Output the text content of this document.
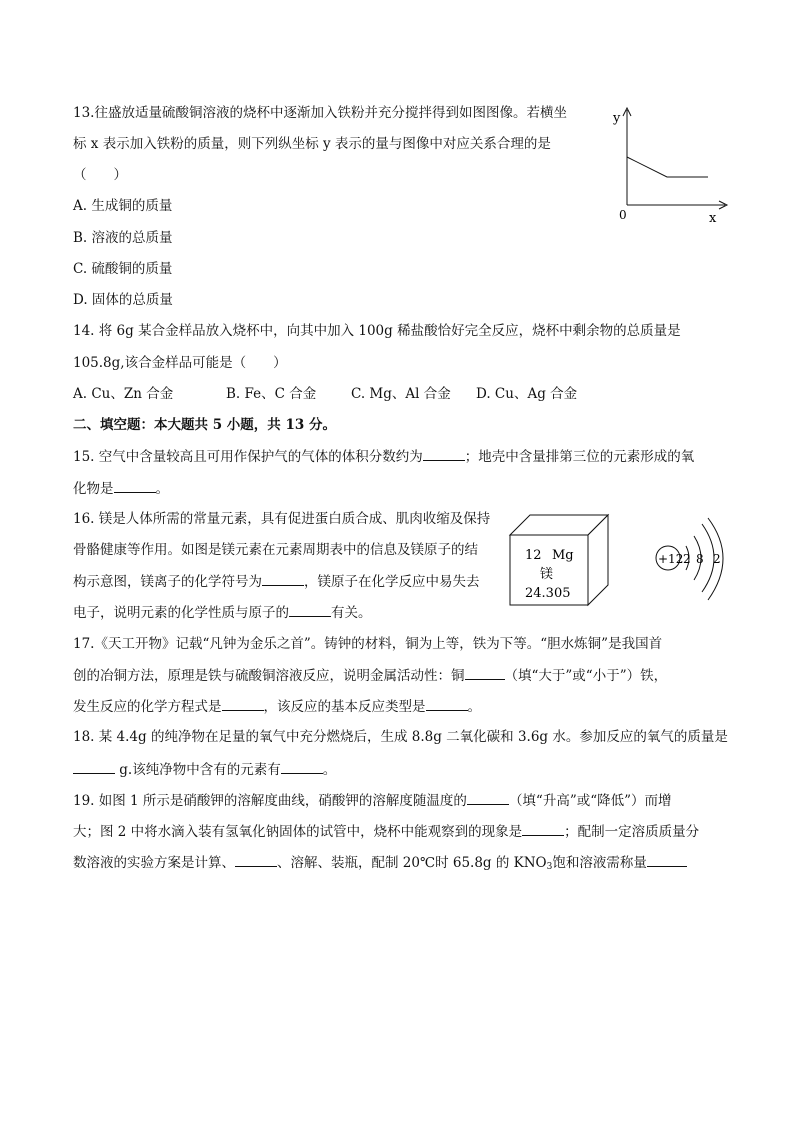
13.往盛放适量硫酸铜溶液的烧杯中逐渐加入铁粉并充分搅拌得到如图图像。若横坐
标 x 表示加入铁粉的质量，则下列纵坐标 y 表示的量与图像中对应关系合理的是
（　　）
A. 生成铜的质量
B. 溶液的总质量
C. 硫酸铜的质量
D. 固体的总质量
y
x
0
14. 将 6g 某合金样品放入烧杯中，向其中加入 100g 稀盐酸恰好完全反应，烧杯中剩余物的总质量是
105.8g,该合金样品可能是（　　）
A. Cu、Zn 合金	B. Fe、C 合金	C. Mg、Al 合金 D. Cu、Ag 合金
二、填空题：本大题共 5 小题，共 13 分。
15. 空气中含量较高且可用作保护气的气体的体积分数约为	；地壳中含量排第三位的元素形成的氧
化物是	。
16. 镁是人体所需的常量元素，具有促进蛋白质合成、肌肉收缩及保持
骨骼健康等作用。如图是镁元素在元素周期表中的信息及镁原子的结
构示意图，镁离子的化学符号为	，镁原子在化学反应中易失去
电子，说明元素的化学性质与原子的	有关。
12 Mg
镁
24.305
+12 2 8 2
17.《天工开物》记载“凡钟为金乐之首”。铸钟的材料，铜为上等，铁为下等。“胆水炼铜”是我国首
创的冶铜方法，原理是铁与硫酸铜溶液反应，说明金属活动性：铜	（填“大于”或“小于”）铁，
发生反应的化学方程式是	，该反应的基本反应类型是	。
18. 某 4.4g 的纯净物在足量的氧气中充分燃烧后，生成 8.8g 二氧化碳和 3.6g 水。参加反应的氧气的质量是
g.该纯净物中含有的元素有	。
19. 如图 1 所示是硝酸钾的溶解度曲线，硝酸钾的溶解度随温度的	（填“升高”或“降低”）而增
大；图 2 中将水滴入装有氢氧化钠固体的试管中，烧杯中能观察到的现象是	；配制一定溶质质量分
数溶液的实验方案是计算、	、溶解、装瓶，配制 20℃时 65.8g 的 $KNO_3$饱和溶液需称量
